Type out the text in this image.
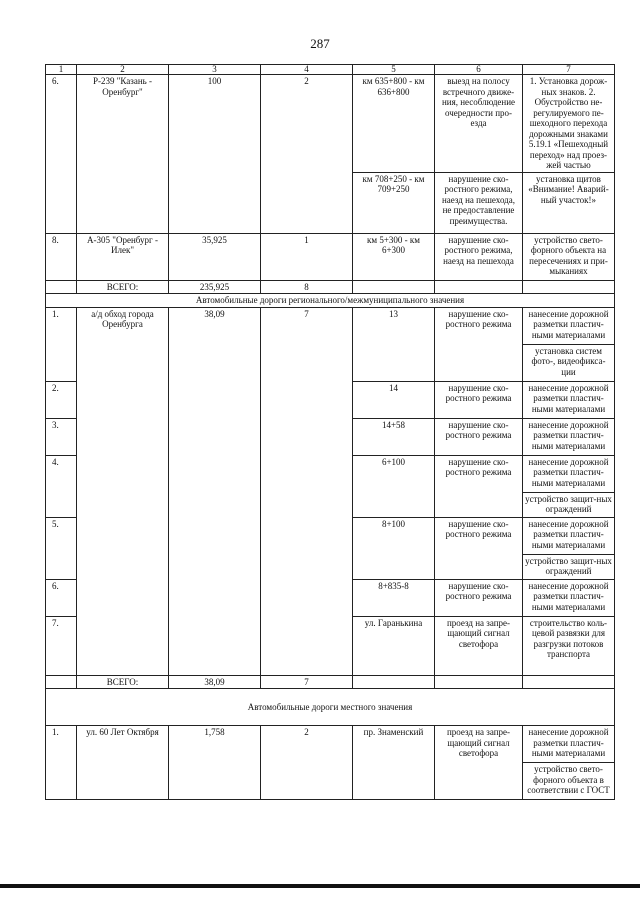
287
1	2	3	4	5	6	7
6.	Р-239 "Казань - Оренбург"	100	2	км 635+800 - км 636+800	выезд на полосу встречного движе-ния, несоблюдение очередности про-езда	1. Установка дорож-ных знаков. 2. Обустройство не-регулируемого пе-шеходного перехода дорожными знаками 5.19.1 «Пешеходный переход» над проез-жей частью
				км 708+250 - км 709+250	нарушение ско-ростного режима, наезд на пешехода, не предоставление преимущества.	установка щитов «Внимание! Аварий-ный участок!»
8.	А-305 "Оренбург - Илек"	35,925	1	км 5+300 - км 6+300	нарушение ско-ростного режима, наезд на пешехода	устройство свето-форного объекта на пересечениях и при-мыканиях
	ВСЕГО:	235,925	8			
Автомобильные дороги регионального/межмуниципального значения						
1.	а/д обход города Оренбурга	38,09	7	13	нарушение ско-ростного режима	нанесение дорожной разметки пластич-ными материалами
						установка систем фото-, видеофикса-ции
2.				14	нарушение ско-ростного режима	нанесение дорожной разметки пластич-ными материалами
3.				14+58	нарушение ско-ростного режима	нанесение дорожной разметки пластич-ными материалами
4.				6+100	нарушение ско-ростного режима	нанесение дорожной разметки пластич-ными материалами
						устройство защит-ных ограждений
5.				8+100	нарушение ско-ростного режима	нанесение дорожной разметки пластич-ными материалами
						устройство защит-ных ограждений
6.				8+835-8	нарушение ско-ростного режима	нанесение дорожной разметки пластич-ными материалами
7.				ул. Гаранькина	проезд на запре-щающий сигнал светофора	строительство коль-цевой развязки для разгрузки потоков транспорта
	ВСЕГО:	38,09	7			
Автомобильные дороги местного значения						
1.	ул. 60 Лет Октября	1,758	2	пр. Знаменский	проезд на запре-щающий сигнал светофора	нанесение дорожной разметки пластич-ными материалами
						устройство свето-форного объекта в соответствии с ГОСТ
